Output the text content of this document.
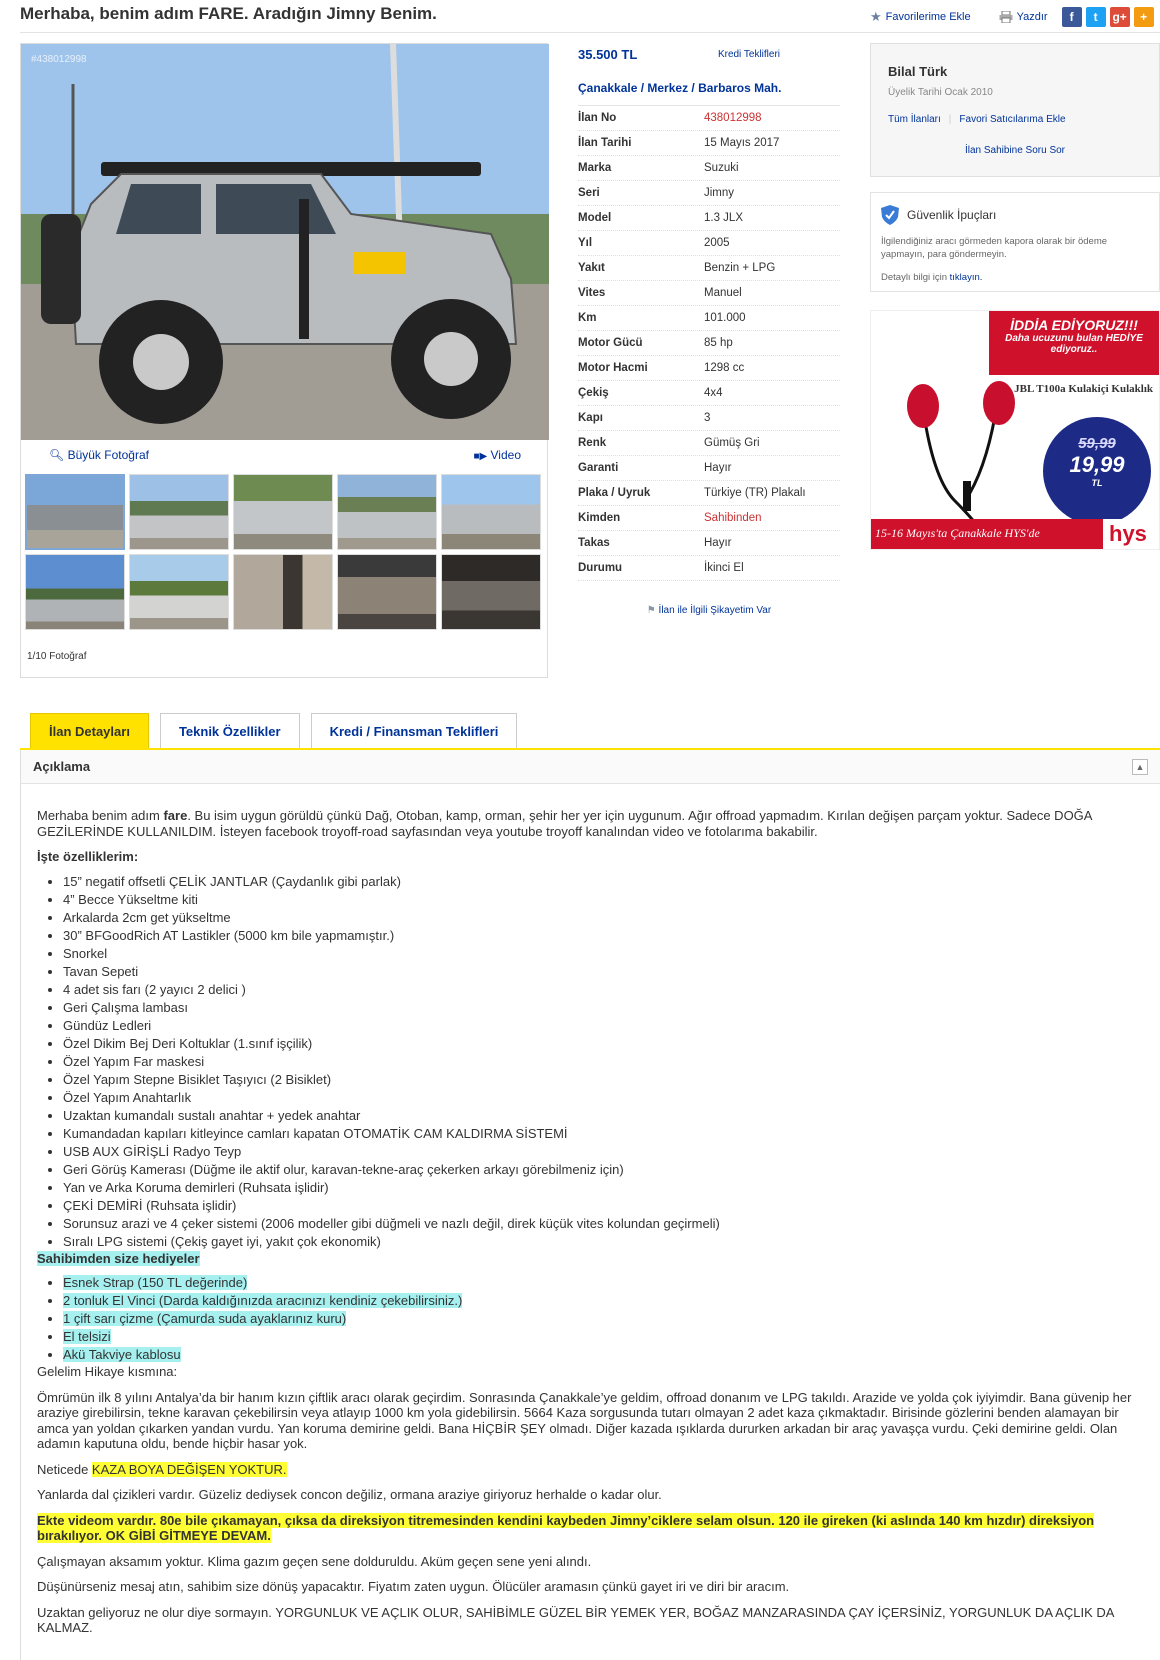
Merhaba, benim adım FARE. Aradığın Jimny Benim.	★ Favorilerime Ekle	Yazdır	f	t	g+	+
#438012998
🔍︎ Büyük Fotoğraf	■▶ Video
1/10 Fotoğraf
35.500 TL	Kredi Teklifleri
Çanakkale / Merkez / Barbaros Mah.
İlan No	438012998
İlan Tarihi	15 Mayıs 2017
Marka	Suzuki
Seri	Jimny
Model	1.3 JLX
Yıl	2005
Yakıt	Benzin + LPG
Vites	Manuel
Km	101.000
Motor Gücü	85 hp
Motor Hacmi	1298 cc
Çekiş	4x4
Kapı	3
Renk	Gümüş Gri
Garanti	Hayır
Plaka / Uyruk	Türkiye (TR) Plakalı
Kimden	Sahibinden
Takas	Hayır
Durumu	İkinci El
⚑ İlan ile İlgili Şikayetim Var
Bilal Türk
Üyelik Tarihi Ocak 2010
Tüm İlanları | Favori Satıcılarıma Ekle
İlan Sahibine Soru Sor
Güvenlik İpuçları

İlgilendiğiniz aracı görmeden kapora olarak bir ödeme yapmayın, para göndermeyin.

Detaylı bilgi için tıklayın.

İDDİA EDİYORUZ!!!
Daha ucuzunu bulan HEDİYE ediyoruz..
JBL T100a Kulakiçi Kulaklık
59,99
19,99
TL
15-16 Mayıs'ta Çanakkale HYS'de	hys
İlan Detayları	Teknik Özellikler	Kredi / Finansman Teklifleri
Açıklama	▲

Merhaba benim adım fare. Bu isim uygun görüldü çünkü Dağ, Otoban, kamp, orman, şehir her yer için uygunum. Ağır offroad yapmadım. Kırılan değişen parçam yoktur. Sadece DOĞA GEZİLERİNDE KULLANILDIM. İsteyen facebook troyoff-road sayfasından veya youtube troyoff kanalından video ve fotolarıma bakabilir.

İşte özelliklerim:
• 15” negatif offsetli ÇELİK JANTLAR (Çaydanlık gibi parlak)
• 4” Becce Yükseltme kiti
• Arkalarda 2cm get yükseltme
• 30” BFGoodRich AT Lastikler (5000 km bile yapmamıştır.)
• Snorkel
• Tavan Sepeti
• 4 adet sis farı (2 yayıcı 2 delici )
• Geri Çalışma lambası
• Gündüz Ledleri
• Özel Dikim Bej Deri Koltuklar (1.sınıf işçilik)
• Özel Yapım Far maskesi
• Özel Yapım Stepne Bisiklet Taşıyıcı (2 Bisiklet)
• Özel Yapım Anahtarlık
• Uzaktan kumandalı sustalı anahtar + yedek anahtar
• Kumandadan kapıları kitleyince camları kapatan OTOMATİK CAM KALDIRMA SİSTEMİ
• USB AUX GİRİŞLİ Radyo Teyp
• Geri Görüş Kamerası (Düğme ile aktif olur, karavan-tekne-araç çekerken arkayı görebilmeniz için)
• Yan ve Arka Koruma demirleri (Ruhsata işlidir)
• ÇEKİ DEMİRİ (Ruhsata işlidir)
• Sorunsuz arazi ve 4 çeker sistemi (2006 modeller gibi düğmeli ve nazlı değil, direk küçük vites kolundan geçirmeli)
• Sıralı LPG sistemi (Çekiş gayet iyi, yakıt çok ekonomik)
Sahibimden size hediyeler
• Esnek Strap (150 TL değerinde)
• 2 tonluk El Vinci (Darda kaldığınızda aracınızı kendiniz çekebilirsiniz.)
• 1 çift sarı çizme (Çamurda suda ayaklarınız kuru)
• El telsizi
• Akü Takviye kablosu

Gelelim Hikaye kısmına:

Ömrümün ilk 8 yılını Antalya’da bir hanım kızın çiftlik aracı olarak geçirdim. Sonrasında Çanakkale’ye geldim, offroad donanım ve LPG takıldı. Arazide ve yolda çok iyiyimdir. Bana güvenip her araziye girebilirsin, tekne karavan çekebilirsin veya atlayıp 1000 km yola gidebilirsin. 5664 Kaza sorgusunda tutarı olmayan 2 adet kaza çıkmaktadır. Birisinde gözlerini benden alamayan bir amca yan yoldan çıkarken yandan vurdu. Yan koruma demirine geldi. Bana HİÇBİR ŞEY olmadı. Diğer kazada ışıklarda dururken arkadan bir araç yavaşça vurdu. Çeki demirine geldi. Olan adamın kaputuna oldu, bende hiçbir hasar yok.

Neticede KAZA BOYA DEĞİŞEN YOKTUR.

Yanlarda dal çizikleri vardır. Güzeliz dediysek concon değiliz, ormana araziye giriyoruz herhalde o kadar olur.

Ekte videom vardır. 80e bile çıkamayan, çıksa da direksiyon titremesinden kendini kaybeden Jimny’ciklere selam olsun. 120 ile gireken (ki aslında 140 km hızdır) direksiyon bırakılıyor. OK GİBİ GİTMEYE DEVAM.

Çalışmayan aksamım yoktur. Klima gazım geçen sene dolduruldu. Aküm geçen sene yeni alındı.

Düşünürseniz mesaj atın, sahibim size dönüş yapacaktır. Fiyatım zaten uygun. Ölücüler aramasın çünkü gayet iri ve diri bir aracım.

Uzaktan geliyoruz ne olur diye sormayın. YORGUNLUK VE AÇLIK OLUR, SAHİBİMLE GÜZEL BİR YEMEK YER, BOĞAZ MANZARASINDA ÇAY İÇERSİNİZ, YORGUNLUK DA AÇLIK DA KALMAZ.
